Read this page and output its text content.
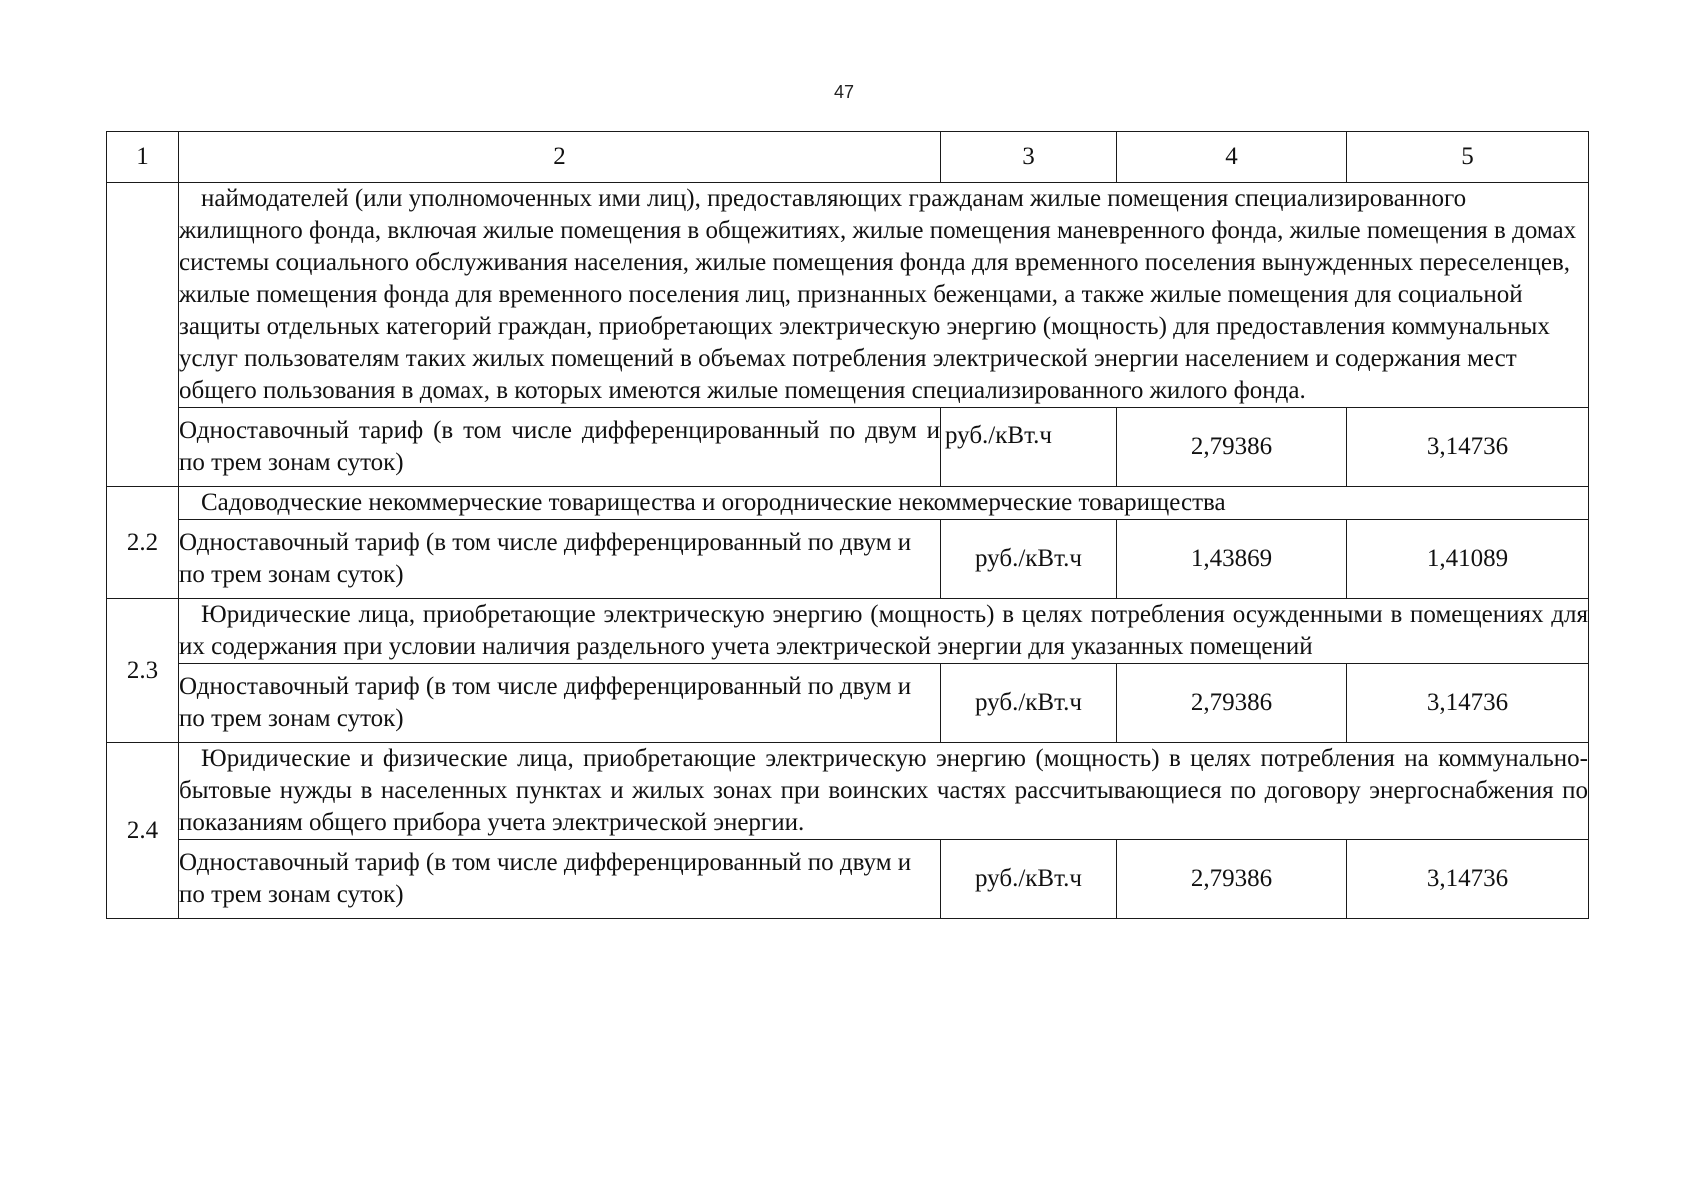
47
1	2	3	4	5

	наймодателей (или уполномоченных ими лиц), предоставляющих гражданам жилые помещения специализированного жилищного фонда, включая жилые помещения в общежитиях, жилые помещения маневренного фонда, жилые помещения в домах системы социального обслуживания населения, жилые помещения фонда для временного поселения вынужденных переселенцев, жилые помещения фонда для временного поселения лиц, признанных беженцами, а также жилые помещения для социальной защиты отдельных категорий граждан, приобретающих электрическую энергию (мощность) для предоставления коммунальных услуг пользователям таких жилых помещений в объемах потребления электрической энергии населением и содержания мест общего пользования в домах, в которых имеются жилые помещения специализированного жилого фонда.			

	Одноставочный тариф (в том числе дифференцированный по двум и по трем зонам суток)	руб./кВт.ч	2,79386	3,14736
2.2	Садоводческие некоммерческие товарищества и огороднические некоммерческие товарищества			

	Одноставочный тариф (в том числе дифференцированный по двум и по трем зонам суток)	руб./кВт.ч	1,43869	1,41089
2.3	Юридические лица, приобретающие электрическую энергию (мощность) в целях потребления осужденными в помещениях для их содержания при условии наличия раздельного учета электрической энергии для указанных помещений			

	Одноставочный тариф (в том числе дифференцированный по двум и по трем зонам суток)	руб./кВт.ч	2,79386	3,14736
2.4	Юридические и физические лица, приобретающие электрическую энергию (мощность) в целях потребления на коммунально-бытовые нужды в населенных пунктах и жилых зонах при воинских частях рассчитывающиеся по договору энергоснабжения по показаниям общего прибора учета электрической энергии.			

	Одноставочный тариф (в том числе дифференцированный по двум и по трем зонам суток)	руб./кВт.ч	2,79386	3,14736
